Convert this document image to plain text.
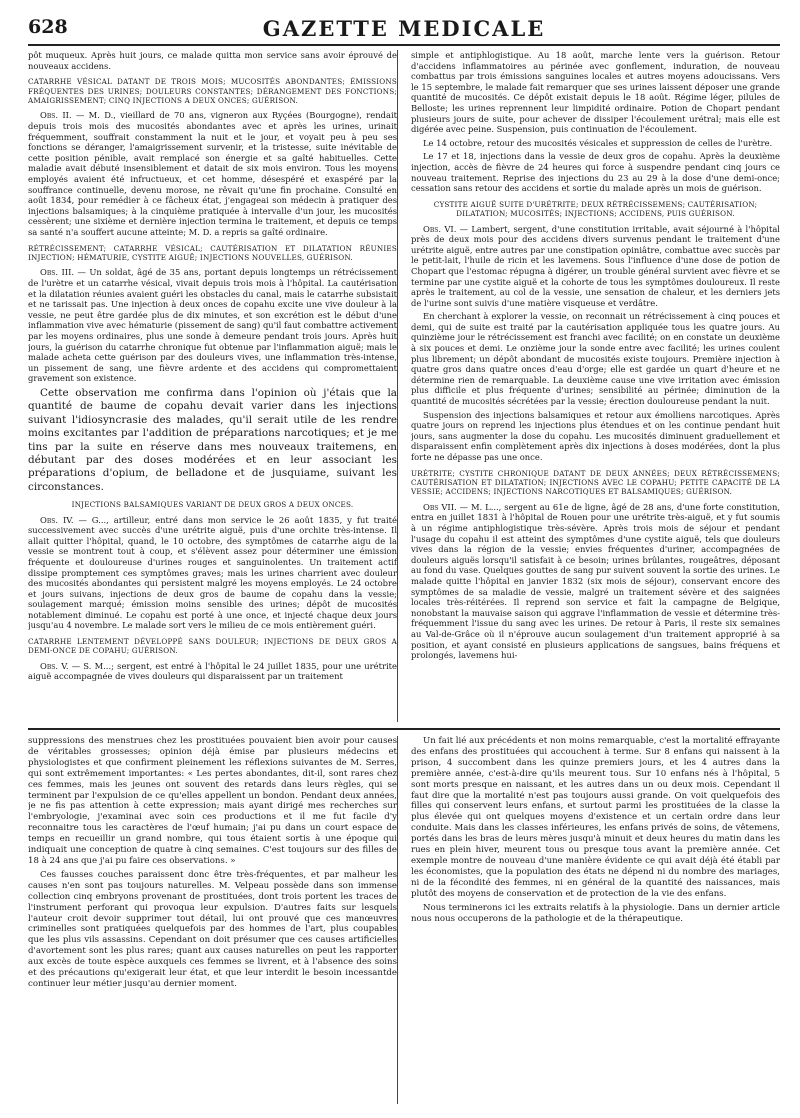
628	GAZETTE MEDICALE

pôt muqueux. Après huit jours, ce malade quitta mon service sans avoir éprouvé de nouveaux accidens.

CATARRHE VÉSICAL DATANT DE TROIS MOIS; MUCOSITÉS ABONDANTES; ÉMISSIONS FRÉQUENTES DES URINES; DOULEURS CONSTANTES; DÉRANGEMENT DES FONCTIONS; AMAIGRISSEMENT; CINQ INJECTIONS A DEUX ONCES; GUÉRISON.

Obs. II. — M. D., vieillard de 70 ans, vigneron aux Ryçées (Bourgogne), rendait depuis trois mois des mucosités abondantes avec et après les urines, urinait fréquemment, souffrait constamment la nuit et le jour, et voyait peu à peu ses fonctions se déranger, l'amaigrissement survenir, et la tristesse, suite inévitable de cette position pénible, avait remplacé son énergie et sa gaîté habituelles. Cette maladie avait débuté insensiblement et datait de six mois environ. Tous les moyens employés avaient été infructueux, et cet homme, désespéré et exaspéré par la souffrance continuelle, devenu morose, ne rêvait qu'une fin prochaine. Consulté en août 1834, pour remédier à ce fâcheux état, j'engageai son médecin à pratiquer des injections balsamiques; à la cinquième pratiquée à intervalle d'un jour, les mucosités cessèrent; une sixième et dernière injection termina le traitement, et depuis ce temps sa santé n'a souffert aucune atteinte; M. D. a repris sa gaîté ordinaire.

RÉTRÉCISSEMENT; CATARRHE VÉSICAL; CAUTÉRISATION ET DILATATION RÉUNIES INJECTION; HÉMATURIE, CYSTITE AIGUË; INJECTIONS NOUVELLES, GUÉRISON.

Obs. III. — Un soldat, âgé de 35 ans, portant depuis longtemps un rétrécissement de l'urètre et un catarrhe vésical, vivait depuis trois mois à l'hôpital. La cautérisation et la dilatation réunies avaient guéri les obstacles du canal, mais le catarrhe subsistait et ne tarissait pas. Une injection à deux onces de copahu excite une vive douleur à la vessie, ne peut être gardée plus de dix minutes, et son excrétion est le début d'une inflammation vive avec hématurie (pissement de sang) qu'il faut combattre activement par les moyens ordinaires, plus une sonde à demeure pendant trois jours. Après huit jours, la guérison du catarrhe chronique fut obtenue par l'inflammation aiguë; mais le malade acheta cette guérison par des douleurs vives, une inflammation très-intense, un pissement de sang, une fièvre ardente et des accidens qui compromettaient gravement son existence.

Cette observation me confirma dans l'opinion où j'étais que la quantité de baume de copahu devait varier dans les injections suivant l'idiosyncrasie des malades, qu'il serait utile de les rendre moins excitantes par l'addition de préparations narcotiques; et je me tins par la suite en réserve dans mes nouveaux traitemens, en débutant par des doses modérées et en leur associant les préparations d'opium, de belladone et de jusquiame, suivant les circonstances.

INJECTIONS BALSAMIQUES VARIANT DE DEUX GROS A DEUX ONCES.

Obs. IV. — G..., artilleur, entré dans mon service le 26 août 1835, y fut traité successivement avec succès d'une urétrite aiguë, puis d'une orchite très-intense. Il allait quitter l'hôpital, quand, le 10 octobre, des symptômes de catarrhe aigu de la vessie se montrent tout à coup, et s'élèvent assez pour déterminer une émission fréquente et douloureuse d'urines rouges et sanguinolentes. Un traitement actif dissipe promptement ces symptômes graves; mais les urines charrient avec douleur des mucosités abondantes qui persistent malgré les moyens employés. Le 24 octobre et jours suivans, injections de deux gros de baume de copahu dans la vessie; soulagement marqué; émission moins sensible des urines; dépôt de mucosités notablement diminué. Le copahu est porté à une once, et injecté chaque deux jours jusqu'au 4 novembre. Le malade sort vers le milieu de ce mois entièrement guéri.

CATARRHE LENTEMENT DÉVELOPPÉ SANS DOULEUR; INJECTIONS DE DEUX GROS A DEMI-ONCE DE COPAHU; GUÉRISON.

Obs. V. — S. M...; sergent, est entré à l'hôpital le 24 juillet 1835, pour une urétrite aiguë accompagnée de vives douleurs qui disparaissent par un traitement

simple et antiphlogistique. Au 18 août, marche lente vers la guérison. Retour d'accidens inflammatoires au périnée avec gonflement, induration, de nouveau combattus par trois émissions sanguines locales et autres moyens adoucissans. Vers le 15 septembre, le malade fait remarquer que ses urines laissent déposer une grande quantité de mucosités. Ce dépôt existait depuis le 18 août. Régime léger, pilules de Belloste; les urines reprennent leur limpidité ordinaire. Potion de Chopart pendant plusieurs jours de suite, pour achever de dissiper l'écoulement urétral; mais elle est digérée avec peine. Suspension, puis continuation de l'écoulement.

Le 14 octobre, retour des mucosités vésicales et suppression de celles de l'urètre.

Le 17 et 18, injections dans la vessie de deux gros de copahu. Après la deuxième injection, accès de fièvre de 24 heures qui force à suspendre pendant cinq jours ce nouveau traitement. Reprise des injections du 23 au 29 à la dose d'une demi-once; cessation sans retour des accidens et sortie du malade après un mois de guérison.

CYSTITE AIGUË SUITE D'URÉTRITE; DEUX RÉTRÉCISSEMENS; CAUTÉRISATION; DILATATION; MUCOSITÉS; INJECTIONS; ACCIDENS, PUIS GUÉRISON.

Obs. VI. — Lambert, sergent, d'une constitution irritable, avait séjourné à l'hôpital près de deux mois pour des accidens divers survenus pendant le traitement d'une urétrite aiguë, entre autres par une constipation opiniâtre, combattue avec succès par le petit-lait, l'huile de ricin et les lavemens. Sous l'influence d'une dose de potion de Chopart que l'estomac répugna à digérer, un trouble général survient avec fièvre et se termine par une cystite aiguë et la cohorte de tous les symptômes douloureux. Il reste après le traitement, au col de la vessie, une sensation de chaleur, et les derniers jets de l'urine sont suivis d'une matière visqueuse et verdâtre.

En cherchant à explorer la vessie, on reconnait un rétrécissement à cinq pouces et demi, qui de suite est traité par la cautérisation appliquée tous les quatre jours. Au quinzième jour le rétrécissement est franchi avec facilité; on en constate un deuxième à six pouces et demi. Le onzième jour la sonde entre avec facilité; les urines coulent plus librement; un dépôt abondant de mucosités existe toujours. Première injection à quatre gros dans quatre onces d'eau d'orge; elle est gardée un quart d'heure et ne détermine rien de remarquable. La deuxième cause une vive irritation avec émission plus difficile et plus fréquente d'urines; sensibilité au périnée; diminution de la quantité de mucosités sécrétées par la vessie; érection douloureuse pendant la nuit.

Suspension des injections balsamiques et retour aux émolliens narcotiques. Après quatre jours on reprend les injections plus étendues et on les continue pendant huit jours, sans augmenter la dose du copahu. Les mucosités diminuent graduellement et disparaissent enfin complètement après dix injections à doses modérées, dont la plus forte ne dépasse pas une once.

URÉTRITE; CYSTITE CHRONIQUE DATANT DE DEUX ANNÉES; DEUX RÉTRÉCISSEMENS; CAUTÉRISATION ET DILATATION; INJECTIONS AVEC LE COPAHU; PETITE CAPACITÉ DE LA VESSIE; ACCIDENS; INJECTIONS NARCOTIQUES ET BALSAMIQUES; GUÉRISON.

Obs VII. — M. L..., sergent au 61e de ligne, âgé de 28 ans, d'une forte constitution, entra en juillet 1831 à l'hôpital de Rouen pour une urétrite très-aiguë, et y fut soumis à un régime antiphlogistique très-sévère. Après trois mois de séjour et pendant l'usage du copahu il est atteint des symptômes d'une cystite aiguë, tels que douleurs vives dans la région de la vessie; envies fréquentes d'uriner, accompagnées de douleurs aiguës lorsqu'il satisfait à ce besoin; urines brûlantes, rougeâtres, déposant au fond du vase. Quelques gouttes de sang pur suivent souvent la sortie des urines. Le malade quitte l'hôpital en janvier 1832 (six mois de séjour), conservant encore des symptômes de sa maladie de vessie, malgré un traitement sévère et des saignées locales très-réitérées. Il reprend son service et fait la campagne de Belgique, nonobstant la mauvaise saison qui aggrave l'inflammation de vessie et détermine très-fréquemment l'issue du sang avec les urines. De retour à Paris, il reste six semaines au Val-de-Grâce où il n'éprouve aucun soulagement d'un traitement approprié à sa position, et ayant consisté en plusieurs applications de sangsues, bains fréquens et prolongés, lavemens hui-

suppressions des menstrues chez les prostituées pouvaient bien avoir pour causes de véritables grossesses; opinion déjà émise par plusieurs médecins et physiologistes et que confirment pleinement les réflexions suivantes de M. Serres, qui sont extrêmement importantes: « Les pertes abondantes, dit-il, sont rares chez ces femmes, mais les jeunes ont souvent des retards dans leurs règles, qui se terminent par l'expulsion de ce qu'elles appellent un bondon. Pendant deux années, je ne fis pas attention à cette expression; mais ayant dirigé mes recherches sur l'embryologie, j'examinai avec soin ces productions et il me fut facile d'y reconnaitre tous les caractères de l'œuf humain; j'ai pu dans un court espace de temps en recueillir un grand nombre, qui tous étaient sortis à une époque qui indiquait une conception de quatre à cinq semaines. C'est toujours sur des filles de 18 à 24 ans que j'ai pu faire ces observations. »

Ces fausses couches paraissent donc être très-fréquentes, et par malheur les causes n'en sont pas toujours naturelles. M. Velpeau possède dans son immense collection cinq embryons provenant de prostituées, dont trois portent les traces de l'instrument perforant qui provoqua leur expulsion. D'autres faits sur lesquels l'auteur croit devoir supprimer tout détail, lui ont prouvé que ces manœuvres criminelles sont pratiquées quelquefois par des hommes de l'art, plus coupables que les plus vils assassins. Cependant on doit présumer que ces causes artificielles d'avortement sont les plus rares; quant aux causes naturelles on peut les rapporter aux excès de toute espèce auxquels ces femmes se livrent, et à l'absence des soins et des précautions qu'exigerait leur état, et que leur interdit le besoin incessantde continuer leur métier jusqu'au dernier moment.

Un fait lié aux précédents et non moins remarquable, c'est la mortalité effrayante des enfans des prostituées qui accouchent à terme. Sur 8 enfans qui naissent à la prison, 4 succombent dans les quinze premiers jours, et les 4 autres dans la première année, c'est-à-dire qu'ils meurent tous. Sur 10 enfans nés à l'hôpital, 5 sont morts presque en naissant, et les autres dans un ou deux mois. Cependant il faut dire que la mortalité n'est pas toujours aussi grande. On voit quelquefois des filles qui conservent leurs enfans, et surtout parmi les prostituées de la classe la plus élevée qui ont quelques moyens d'existence et un certain ordre dans leur conduite. Mais dans les classes inférieures, les enfans privés de soins, de vêtemens, portés dans les bras de leurs mères jusqu'à minuit et deux heures du matin dans les rues en plein hiver, meurent tous ou presque tous avant la première année. Cet exemple montre de nouveau d'une manière évidente ce qui avait déjà été établi par les économistes, que la population des états ne dépend ni du nombre des mariages, ni de la fécondité des femmes, ni en général de la quantité des naissances, mais plutôt des moyens de conservation et de protection de la vie des enfans.

Nous terminerons ici les extraits relatifs à la physiologie. Dans un dernier article nous nous occuperons de la pathologie et de la thérapeutique.
